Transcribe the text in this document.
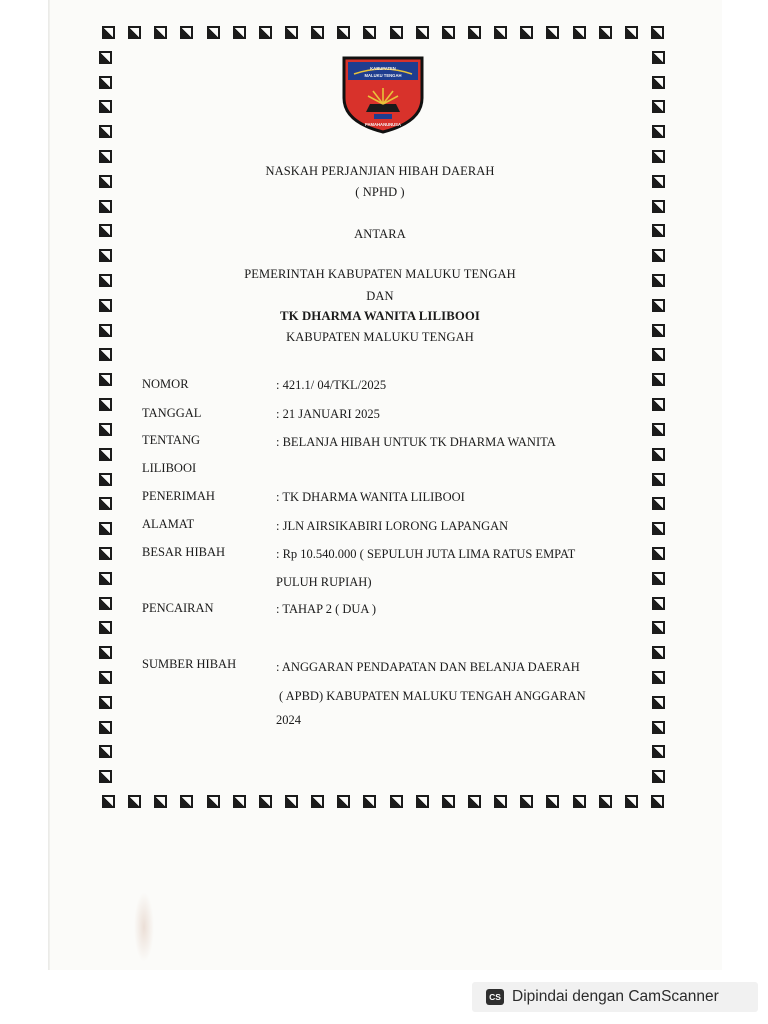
KABUPATEN
MALUKU TENGAH
PAMAHANUNUSA
NASKAH PERJANJIAN HIBAH DAERAH
( NPHD )
ANTARA
PEMERINTAH KABUPATEN MALUKU TENGAH
DAN
TK DHARMA WANITA LILIBOOI
KABUPATEN MALUKU TENGAH
NOMOR	: 421.1/ 04/TKL/2025
TANGGAL	: 21 JANUARI 2025
TENTANG	: BELANJA HIBAH UNTUK TK DHARMA WANITA
LILIBOOI
PENERIMAH	: TK DHARMA WANITA LILIBOOI
ALAMAT	: JLN AIRSIKABIRI LORONG LAPANGAN
BESAR HIBAH	: Rp 10.540.000 ( SEPULUH JUTA LIMA RATUS EMPAT
PULUH RUPIAH)
PENCAIRAN	: TAHAP 2 ( DUA )
SUMBER HIBAH	: ANGGARAN PENDAPATAN DAN BELANJA DAERAH
( APBD) KABUPATEN MALUKU TENGAH ANGGARAN
2024
CS Dipindai dengan CamScanner
